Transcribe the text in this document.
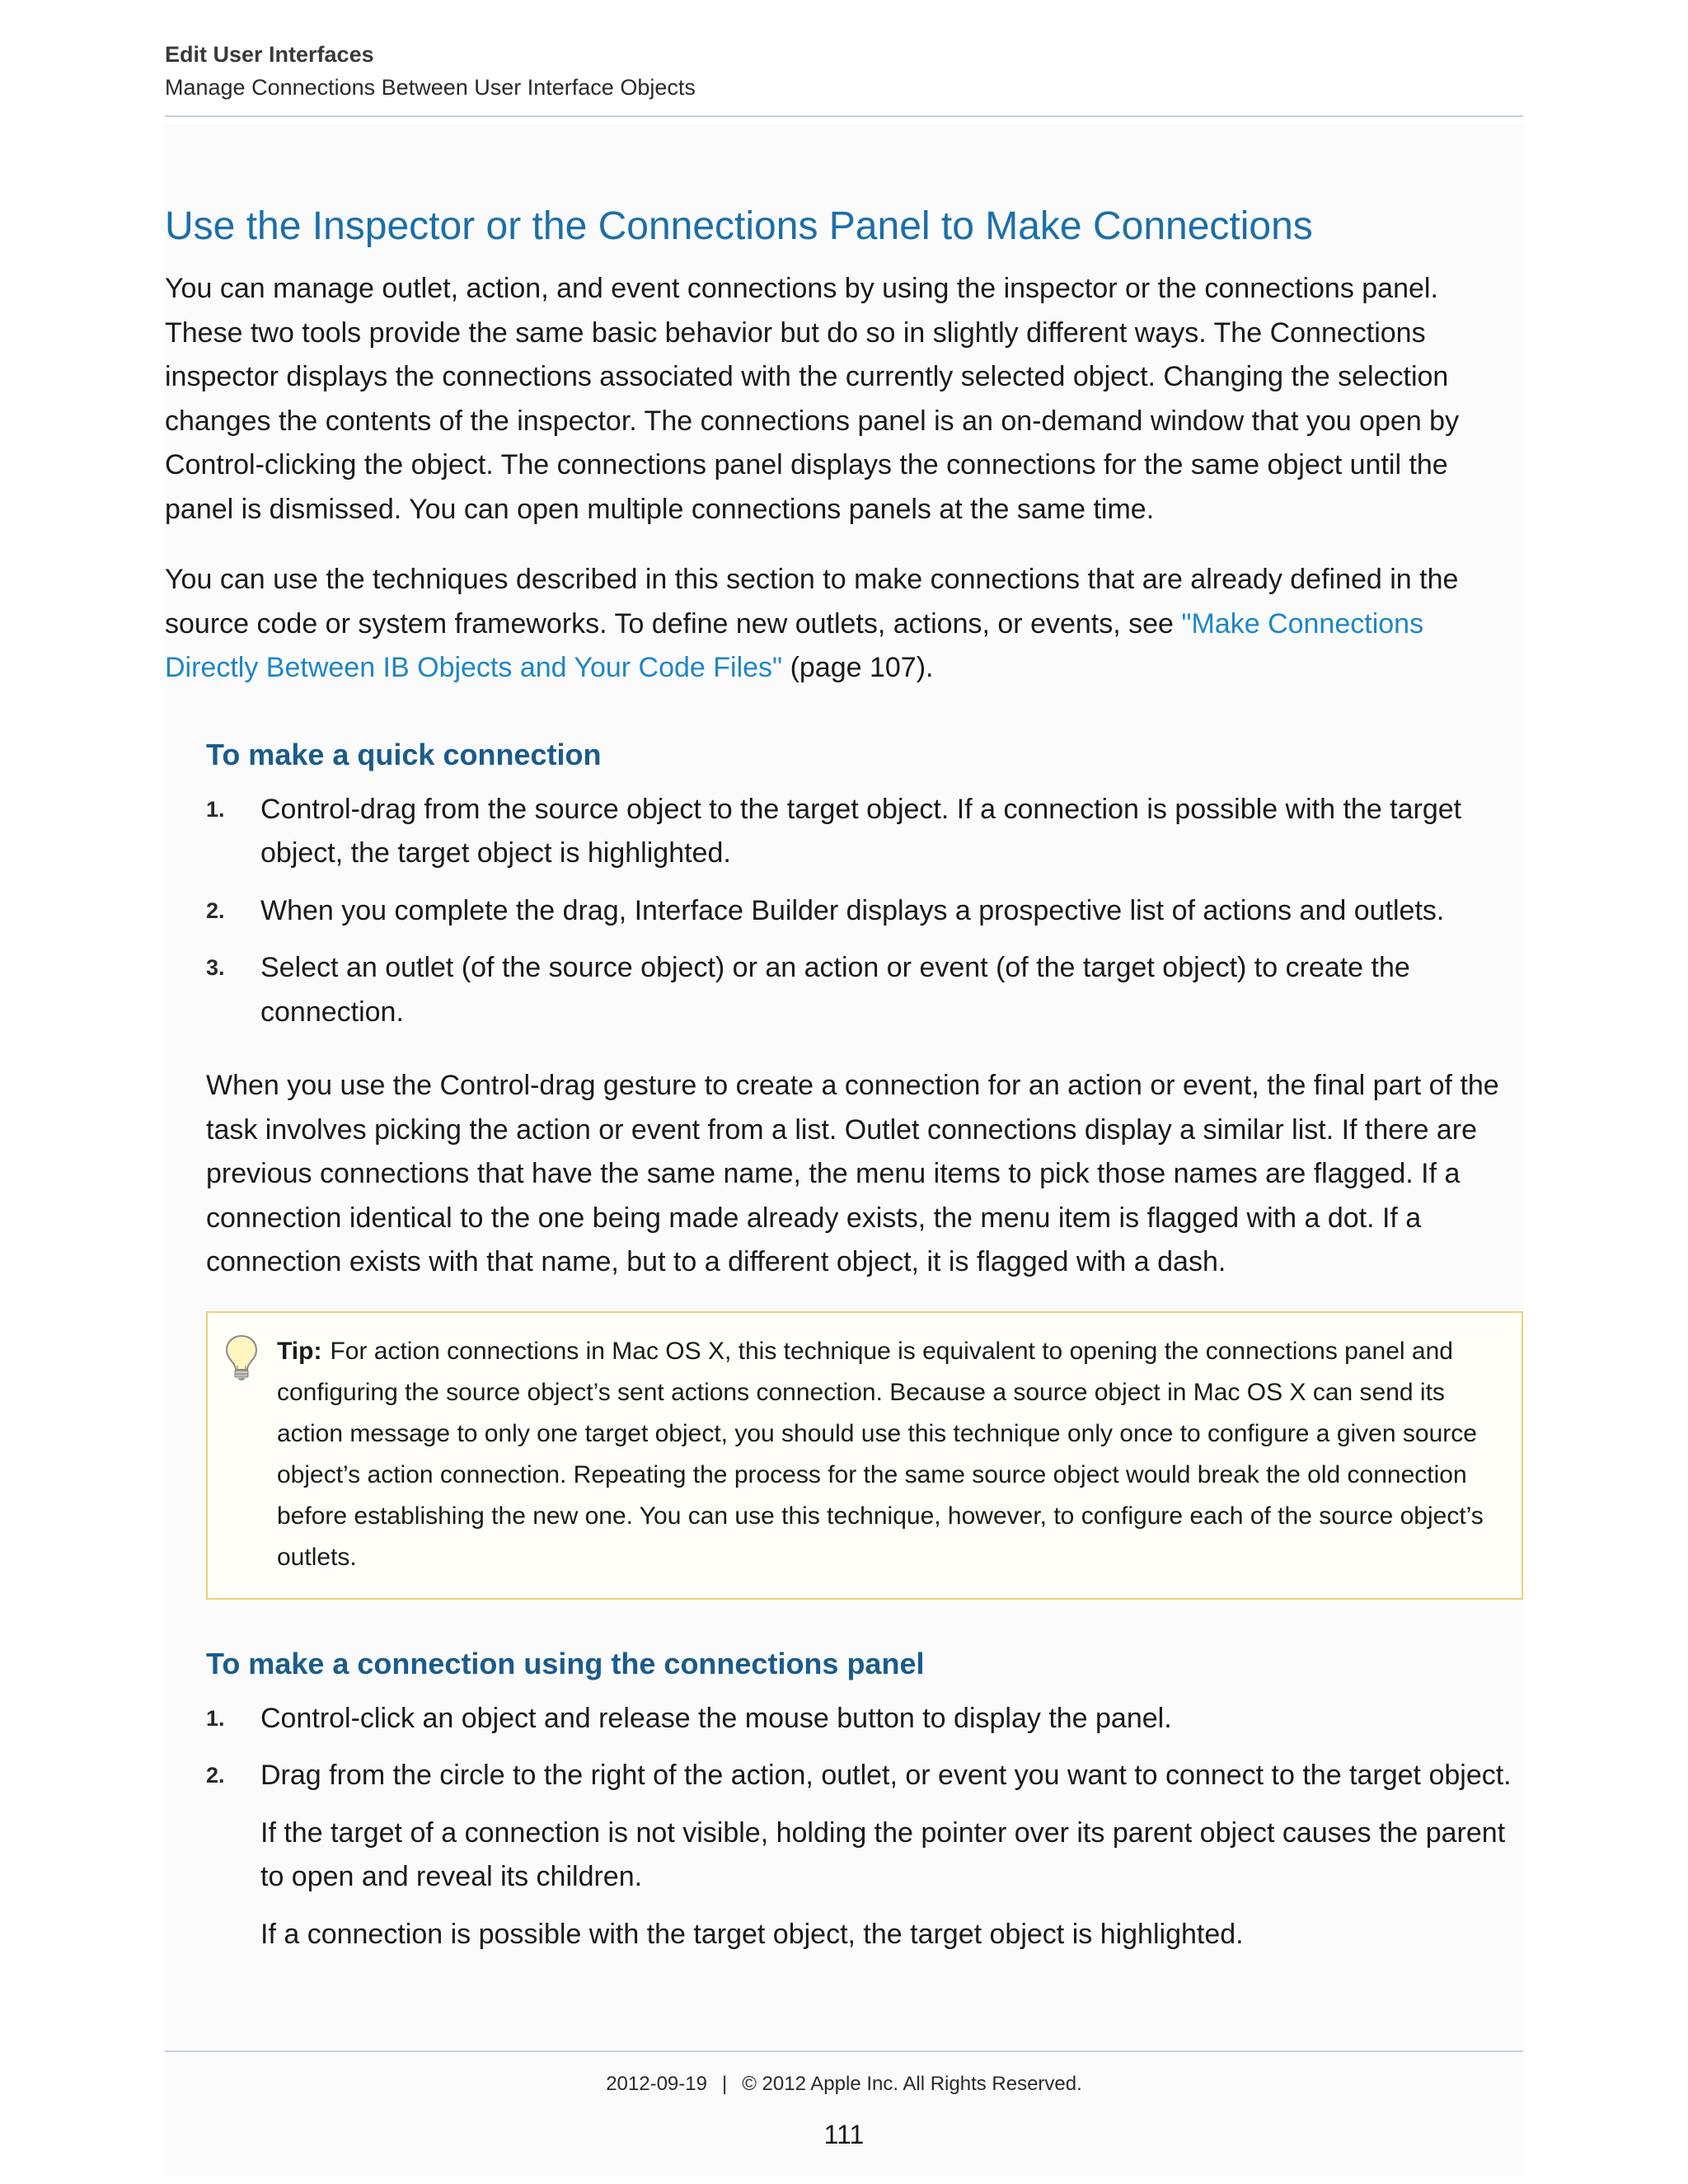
Edit User Interfaces
Manage Connections Between User Interface Objects
Use the Inspector or the Connections Panel to Make Connections

You can manage outlet, action, and event connections by using the inspector or the connections panel. These two tools provide the same basic behavior but do so in slightly different ways. The Connections inspector displays the connections associated with the currently selected object. Changing the selection changes the contents of the inspector. The connections panel is an on-demand window that you open by Control-clicking the object. The connections panel displays the connections for the same object until the panel is dismissed. You can open multiple connections panels at the same time.

You can use the techniques described in this section to make connections that are already defined in the source code or system frameworks. To define new outlets, actions, or events, see "Make Connections Directly Between IB Objects and Your Code Files" (page 107).

To make a quick connection
1. Control-drag from the source object to the target object. If a connection is possible with the target object, the target object is highlighted.
2. When you complete the drag, Interface Builder displays a prospective list of actions and outlets.
3. Select an outlet (of the source object) or an action or event (of the target object) to create the connection.

When you use the Control-drag gesture to create a connection for an action or event, the final part of the task involves picking the action or event from a list. Outlet connections display a similar list. If there are previous connections that have the same name, the menu items to pick those names are flagged. If a connection identical to the one being made already exists, the menu item is flagged with a dot. If a connection exists with that name, but to a different object, it is flagged with a dash.

Tip: For action connections in Mac OS X, this technique is equivalent to opening the connections panel and configuring the source object’s sent actions connection. Because a source object in Mac OS X can send its action message to only one target object, you should use this technique only once to configure a given source object’s action connection. Repeating the process for the same source object would break the old connection before establishing the new one. You can use this technique, however, to configure each of the source object’s outlets.
To make a connection using the connections panel
1. Control-click an object and release the mouse button to display the panel.
2. Drag from the circle to the right of the action, outlet, or event you want to connect to the target object.

If the target of a connection is not visible, holding the pointer over its parent object causes the parent to open and reveal its children.

If a connection is possible with the target object, the target object is highlighted.

2012-09-19 | © 2012 Apple Inc. All Rights Reserved.
111
